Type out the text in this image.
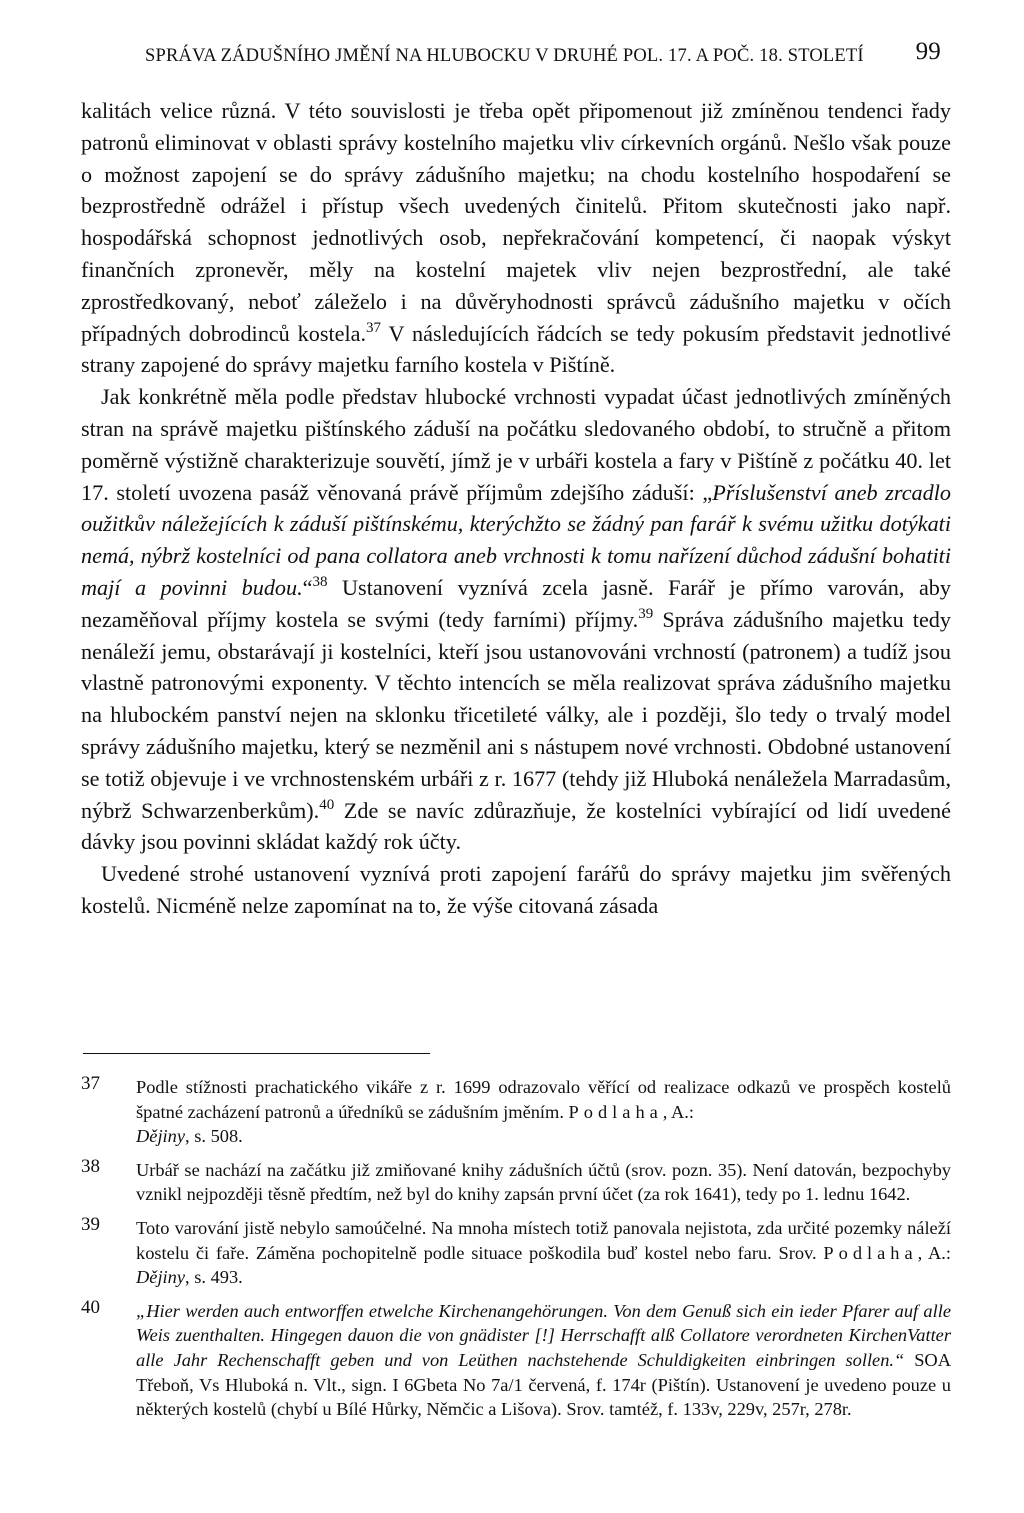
SPRÁVA ZÁDUŠNÍHO JMĚNÍ NA HLUBOCKU V DRUHÉ POL. 17. A POČ. 18. STOLETÍ 99

kalitách velice různá. V této souvislosti je třeba opět připomenout již zmíněnou tendenci řady patronů eliminovat v oblasti správy kostelního majetku vliv církevních orgánů. Nešlo však pouze o možnost zapojení se do správy zádušního majetku; na chodu kostelního hospodaření se bezprostředně odrážel i přístup všech uvedených činitelů. Přitom skutečnosti jako např. hospodářská schopnost jednotlivých osob, nepřekračování kompetencí, či naopak výskyt finančních zpronevěr, měly na kostelní majetek vliv nejen bezprostřední, ale také zprostředkovaný, neboť záleželo i na důvěryhodnosti správců zádušního majetku v očích případných dobrodinců kostela.$^{37}$ V následujících řádcích se tedy pokusím představit jednotlivé strany zapojené do správy majetku farního kostela v Pištíně.

Jak konkrétně měla podle představ hlubocké vrchnosti vypadat účast jednotlivých zmíněných stran na správě majetku pištínského záduší na počátku sledovaného období, to stručně a přitom poměrně výstižně charakterizuje souvětí, jímž je v urbáři kostela a fary v Pištíně z počátku 40. let 17. století uvozena pasáž věnovaná právě příjmům zdejšího záduší: „Příslušenství aneb zrcadlo oužitkův náležejících k záduší pištínskému, kterýchžto se žádný pan farář k svému užitku dotýkati nemá, nýbrž kostelníci od pana collatora aneb vrchnosti k tomu nařízení důchod zádušní bohatiti mají a povinni budou.“$^{38}$ Ustanovení vyznívá zcela jasně. Farář je přímo varován, aby nezaměňoval příjmy kostela se svými (tedy farními) příjmy.$^{39}$ Správa zádušního majetku tedy nenáleží jemu, obstarávají ji kostelníci, kteří jsou ustanovováni vrchností (patronem) a tudíž jsou vlastně patronovými exponenty. V těchto intencích se měla realizovat správa zádušního majetku na hlubockém panství nejen na sklonku třicetileté války, ale i později, šlo tedy o trvalý model správy zádušního majetku, který se nezměnil ani s nástupem nové vrchnosti. Obdobné ustanovení se totiž objevuje i ve vrchnostenském urbáři z r. 1677 (tehdy již Hluboká nenáležela Marradasům, nýbrž Schwarzenberkům).$^{40}$ Zde se navíc zdůrazňuje, že kostelníci vybírající od lidí uvedené dávky jsou povinni skládat každý rok účty.

Uvedené strohé ustanovení vyznívá proti zapojení farářů do správy majetku jim svěřených kostelů. Nicméně nelze zapomínat na to, že výše citovaná zásada

37 Podle stížnosti prachatického vikáře z r. 1699 odrazovalo věřící od realizace odkazů ve prospěch kostelů špatné zacházení patronů a úředníků se zádušním jměním. Podlaha, A.:
Dějiny, s. 508.
38 Urbář se nachází na začátku již zmiňované knihy zádušních účtů (srov. pozn. 35). Není datován, bezpochyby vznikl nejpozději těsně předtím, než byl do knihy zapsán první účet (za rok 1641), tedy po 1. lednu 1642.
39 Toto varování jistě nebylo samoúčelné. Na mnoha místech totiž panovala nejistota, zda určité pozemky náleží kostelu či faře. Záměna pochopitelně podle situace poškodila buď kostel nebo faru. Srov. Podlaha, A.: Dějiny, s. 493.
40 „Hier werden auch entworffen etwelche Kirchenangehörungen. Von dem Genuß sich ein ieder Pfarer auf alle Weis zuenthalten. Hingegen dauon die von gnädister [!] Herrschafft alß Collatore verordneten KirchenVatter alle Jahr Rechenschafft geben und von Leüthen nachstehende Schuldigkeiten einbringen sollen.“ SOA Třeboň, Vs Hluboká n. Vlt., sign. I 6Gbeta No 7a/1 červená, f. 174r (Pištín). Ustanovení je uvedeno pouze u některých kostelů (chybí u Bílé Hůrky, Němčic a Lišova). Srov. tamtéž, f. 133v, 229v, 257r, 278r.
